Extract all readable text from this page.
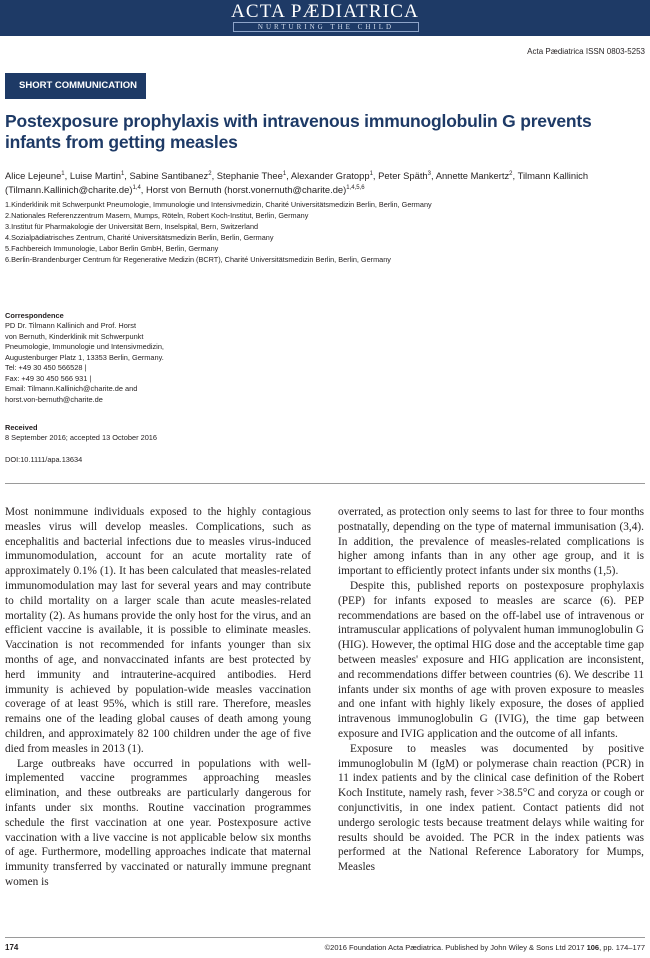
ACTA PÆDIATRICA
NURTURING THE CHILD
Acta Pædiatrica ISSN 0803-5253
SHORT COMMUNICATION
Postexposure prophylaxis with intravenous immunoglobulin G prevents infants from getting measles
Alice Lejeune$^1$, Luise Martin$^1$, Sabine Santibanez$^2$, Stephanie Thee$^1$, Alexander Gratopp$^1$, Peter Späth$^3$, Annette Mankertz$^2$, Tilmann Kallinich (Tilmann.Kallinich@charite.de)$^{1,4}$, Horst von Bernuth (horst.vonernuth@charite.de)$^{1,4,5,6}$
1.Kinderklinik mit Schwerpunkt Pneumologie, Immunologie und Intensivmedizin, Charité Universitätsmedizin Berlin, Berlin, Germany
2.Nationales Referenzzentrum Masern, Mumps, Röteln, Robert Koch-Institut, Berlin, Germany
3.Institut für Pharmakologie der Universität Bern, Inselspital, Bern, Switzerland
4.Sozialpädiatrisches Zentrum, Charité Universitätsmedizin Berlin, Berlin, Germany
5.Fachbereich Immunologie, Labor Berlin GmbH, Berlin, Germany
6.Berlin-Brandenburger Centrum für Regenerative Medizin (BCRT), Charité Universitätsmedizin Berlin, Berlin, Germany
Correspondence
PD Dr. Tilmann Kallinich and Prof. Horst
von Bernuth, Kinderklinik mit Schwerpunkt
Pneumologie, Immunologie und Intensivmedizin,
Augustenburger Platz 1, 13353 Berlin, Germany.
Tel: +49 30 450 566528 |
Fax: +49 30 450 566 931 |
Email: Tilmann.Kallinich@charite.de and
horst.von-bernuth@charite.de
Received
8 September 2016; accepted 13 October 2016
DOI:10.1111/apa.13634

Most nonimmune individuals exposed to the highly contagious measles virus will develop measles. Complications, such as encephalitis and bacterial infections due to measles virus-induced immunomodulation, account for an acute mortality rate of approximately 0.1% (1). It has been calculated that measles-related immunomodulation may last for several years and may contribute to child mortality on a larger scale than acute measles-related mortality (2). As humans provide the only host for the virus, and an efficient vaccine is available, it is possible to eliminate measles. Vaccination is not recommended for infants younger than six months of age, and nonvaccinated infants are best protected by herd immunity and intrauterine-acquired antibodies. Herd immunity is achieved by population-wide measles vaccination coverage of at least 95%, which is still rare. Therefore, measles remains one of the leading global causes of death among young children, and approximately 82 100 children under the age of five died from measles in 2013 (1).

Large outbreaks have occurred in populations with well-implemented vaccine programmes approaching measles elimination, and these outbreaks are particularly dangerous for infants under six months. Routine vaccination programmes schedule the first vaccination at one year. Postexposure active vaccination with a live vaccine is not applicable below six months of age. Furthermore, modelling approaches indicate that maternal immunity transferred by vaccinated or naturally immune pregnant women is

overrated, as protection only seems to last for three to four months postnatally, depending on the type of maternal immunisation (3,4). In addition, the prevalence of measles-related complications is higher among infants than in any other age group, and it is important to efficiently protect infants under six months (1,5).

Despite this, published reports on postexposure prophylaxis (PEP) for infants exposed to measles are scarce (6). PEP recommendations are based on the off-label use of intravenous or intramuscular applications of polyvalent human immunoglobulin G (HIG). However, the optimal HIG dose and the acceptable time gap between measles' exposure and HIG application are inconsistent, and recommendations differ between countries (6). We describe 11 infants under six months of age with proven exposure to measles and one infant with highly likely exposure, the doses of applied intravenous immunoglobulin G (IVIG), the time gap between exposure and IVIG application and the outcome of all infants.

Exposure to measles was documented by positive immunoglobulin M (IgM) or polymerase chain reaction (PCR) in 11 index patients and by the clinical case definition of the Robert Koch Institute, namely rash, fever >38.5°C and coryza or cough or conjunctivitis, in one index patient. Contact patients did not undergo serologic tests because treatment delays while waiting for results should be avoided. The PCR in the index patients was performed at the National Reference Laboratory for Mumps, Measles

174	©2016 Foundation Acta Pædiatrica. Published by John Wiley & Sons Ltd 2017 106, pp. 174–177
